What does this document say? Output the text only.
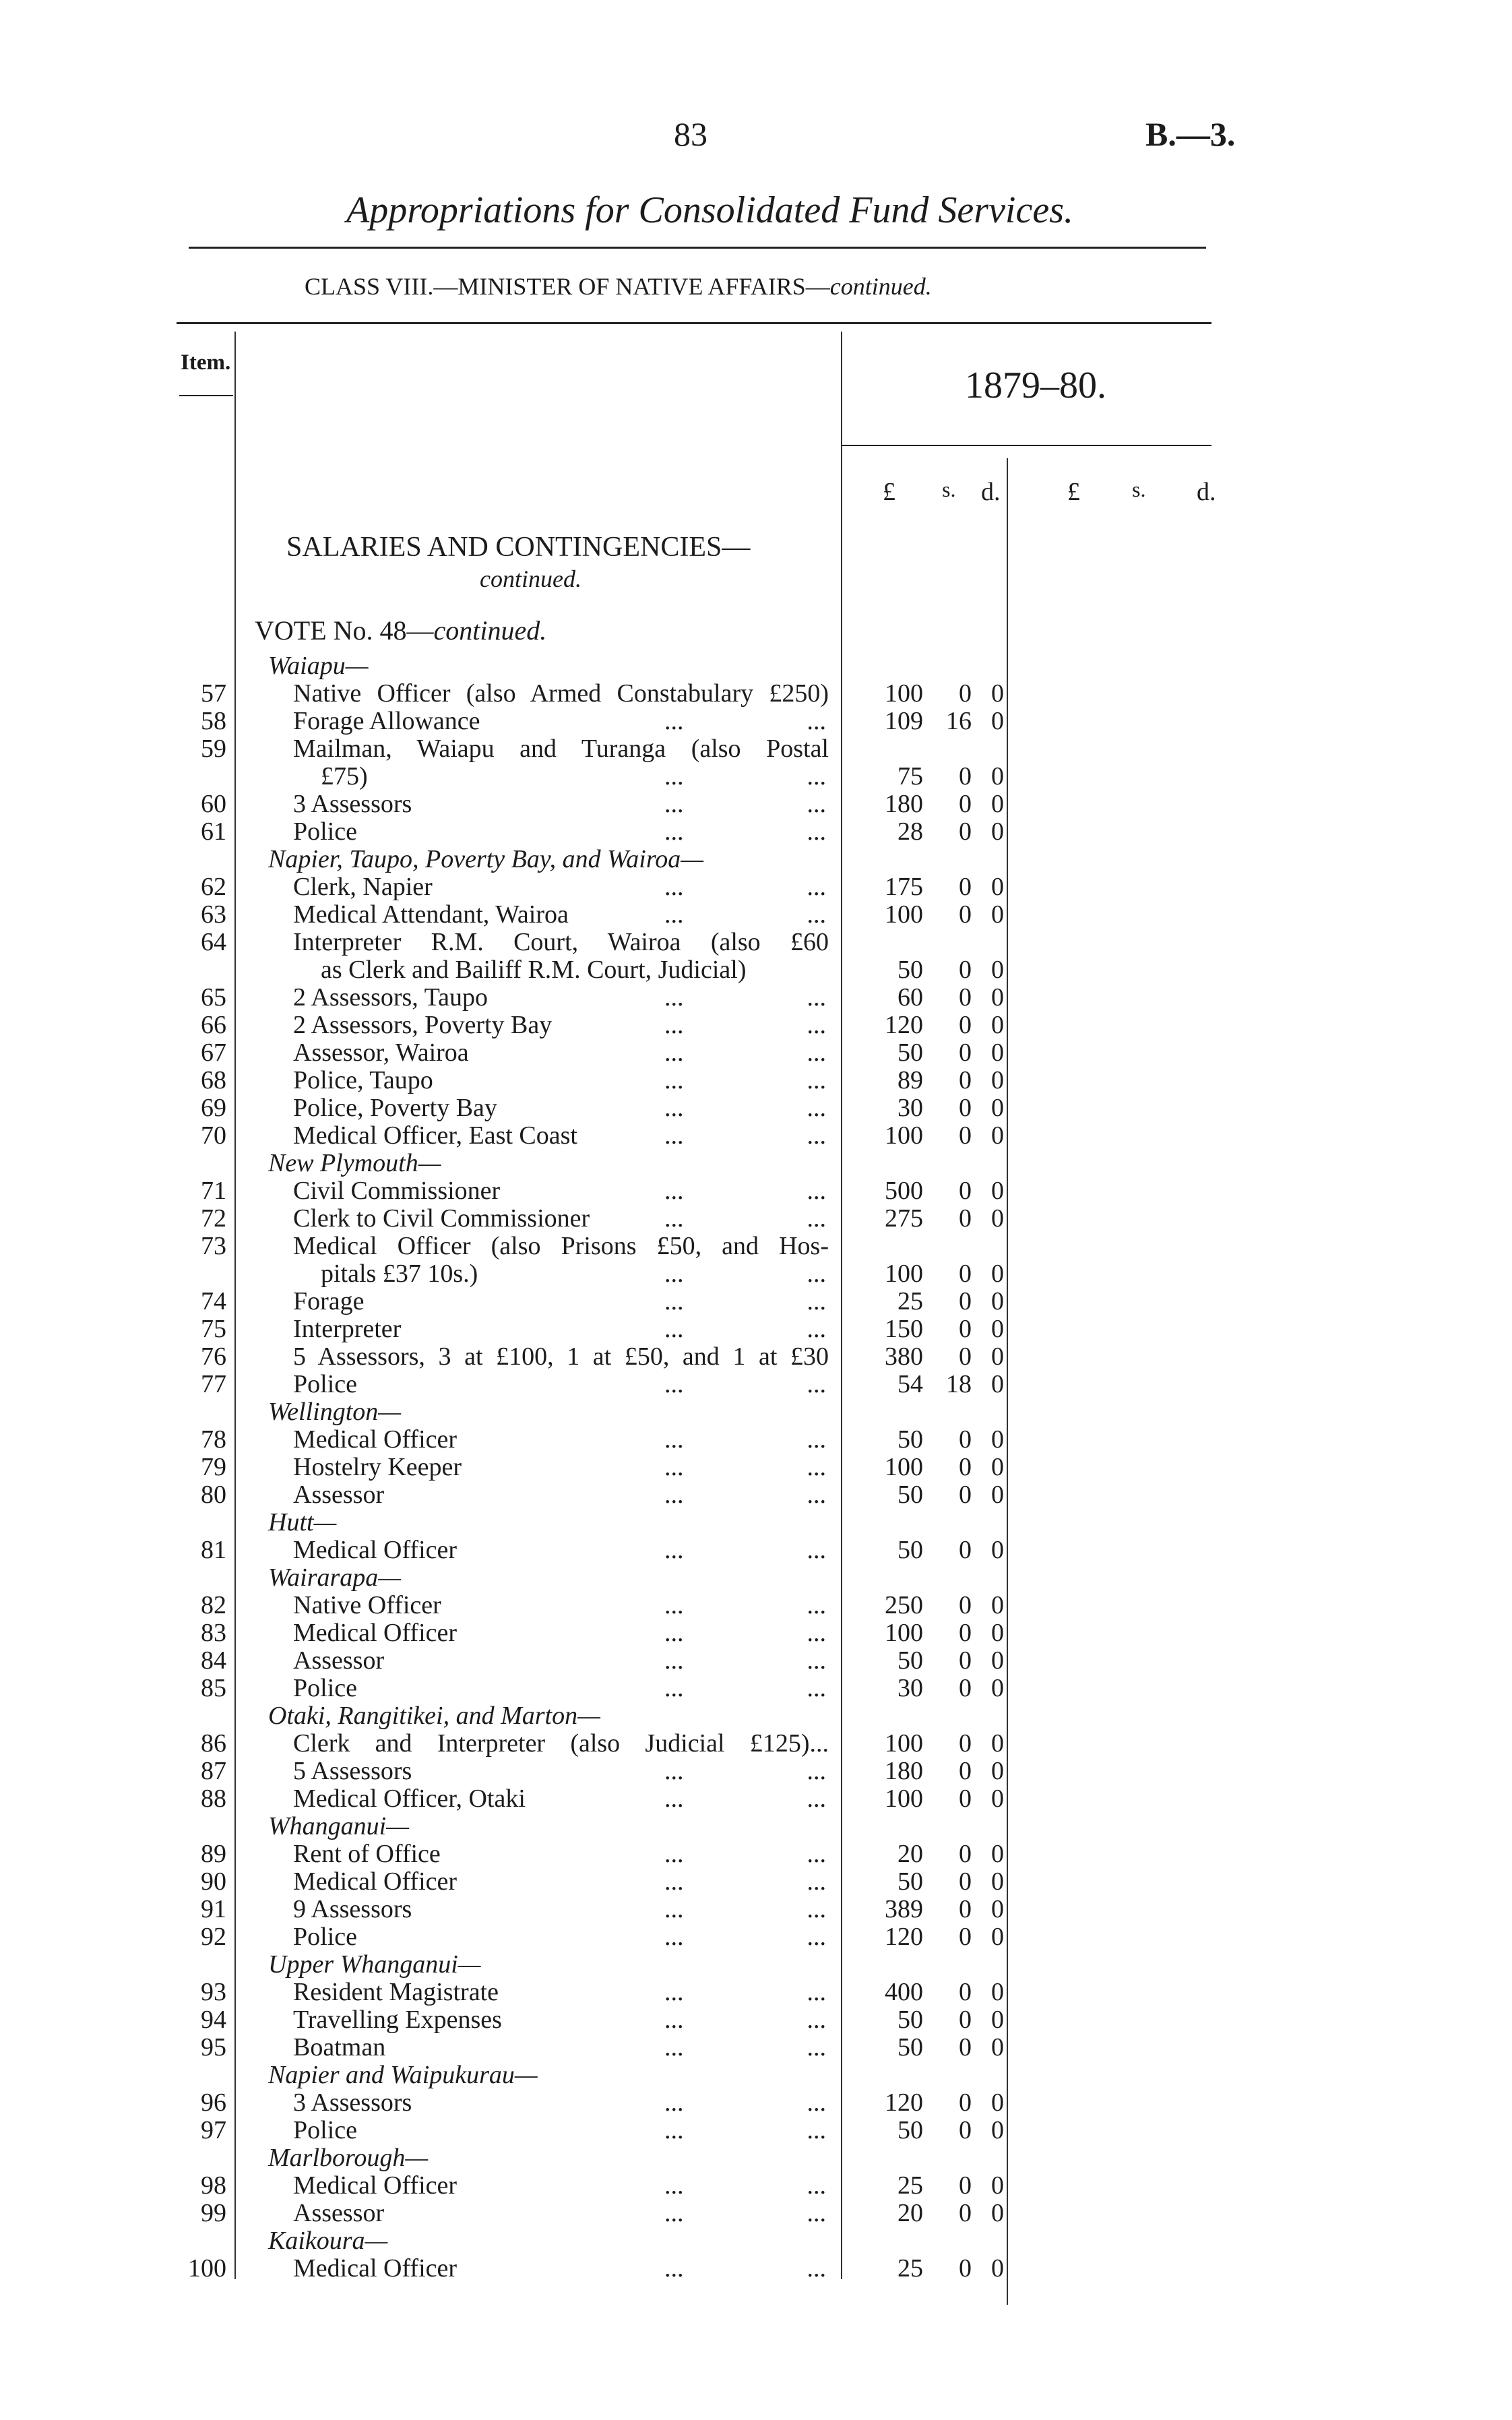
83	B.—3.
Appropriations for Consolidated Fund Services.
CLASS VIII.—MINISTER OF NATIVE AFFAIRS—continued.
Item.
1879–80.
£ s. d.	£ s. d.
SALARIES AND CONTINGENCIES—
continued.
VOTE No. 48—continued.
Waiapu—
57	Native Officer (also Armed Constabulary £250)	100	0 0
58	Forage Allowance	...	...	109 16 0
59	Mailman, Waiapu and Turanga (also Postal
£75)	...	...	75	0 0
60	3 Assessors	...	...	180	0 0
61	Police	...	...	28	0 0
Napier, Taupo, Poverty Bay, and Wairoa—
62	Clerk, Napier	...	...	175	0 0
63	Medical Attendant, Wairoa	...	...	100	0 0
64	Interpreter R.M. Court, Wairoa (also £60
as Clerk and Bailiff R.M. Court, Judicial)	50	0 0
65	2 Assessors, Taupo	...	...	60	0 0
66	2 Assessors, Poverty Bay	...	...	120	0 0
67	Assessor, Wairoa	...	...	50	0 0
68	Police, Taupo	...	...	89	0 0
69	Police, Poverty Bay	...	...	30	0 0
70	Medical Officer, East Coast	...	...	100	0 0
New Plymouth—
71	Civil Commissioner	...	...	500	0 0
72	Clerk to Civil Commissioner	...	...	275	0 0
73	Medical Officer (also Prisons £50, and Hos-
pitals £37 10s.)	...	...	100	0 0
74	Forage	...	...	25	0 0
75	Interpreter	...	...	150	0 0
76	5 Assessors, 3 at £100, 1 at £50, and 1 at £30	380	0 0
77	Police	...	...	54 18 0
Wellington—
78	Medical Officer	...	...	50	0 0
79	Hostelry Keeper	...	...	100	0 0
80	Assessor	...	...	50	0 0
Hutt—
81	Medical Officer	...	...	50	0 0
Wairarapa—
82	Native Officer	...	...	250	0 0
83	Medical Officer	...	...	100	0 0
84	Assessor	...	...	50	0 0
85	Police	...	...	30	0 0
Otaki, Rangitikei, and Marton—
86	Clerk and Interpreter (also Judicial £125)...	100	0 0
87	5 Assessors	...	...	180	0 0
88	Medical Officer, Otaki	...	...	100	0 0
Whanganui—
89	Rent of Office	...	...	20	0 0
90	Medical Officer	...	...	50	0 0
91	9 Assessors	...	...	389	0 0
92	Police	...	...	120	0 0
Upper Whanganui—
93	Resident Magistrate	...	...	400	0 0
94	Travelling Expenses	...	...	50	0 0
95	Boatman	...	...	50	0 0
Napier and Waipukurau—
96	3 Assessors	...	...	120	0 0
97	Police	...	...	50	0 0
Marlborough—
98	Medical Officer	...	...	25	0 0
99	Assessor	...	...	20	0 0
Kaikoura—
100	Medical Officer	...	...	25	0 0
